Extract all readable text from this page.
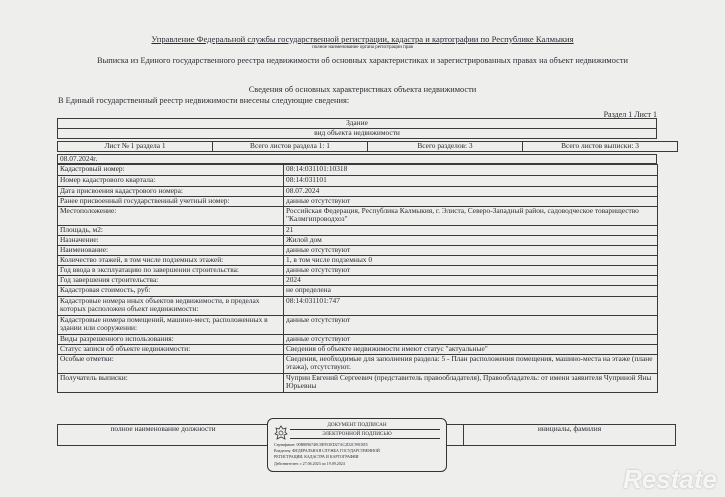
Управление Федеральной службы государственной регистрации, кадастра и картографии по Республике Калмыкия
полное наименование органа регистрации прав
Выписка из Единого государственного реестра недвижимости об основных характеристиках и зарегистрированных правах на объект недвижимости
Сведения об основных характеристиках объекта недвижимости
В Единый государственный реестр недвижимости внесены следующие сведения:
Раздел 1 Лист 1
Здание
вид объекта недвижимости
Лист № 1 раздела 1	Всего листов раздела 1: 1	Всего разделов: 3	Всего листов выписки: 3
08.07.2024г.
Кадастровый номер:	08:14:031101:10318
Номер кадастрового квартала:	08:14:031101
Дата присвоения кадастрового номера:	08.07.2024
Ранее присвоенный государственный учетный номер:	данные отсутствуют
Местоположение:	Российская Федерация, Республика Калмыкия, г. Элиста, Северо-Западный район, садоводческое товарищество "Калмгипроводхоз"
Площадь, м2:	21
Назначение:	Жилой дом
Наименование:	данные отсутствуют
Количество этажей, в том числе подземных этажей:	1, в том числе подземных 0
Год ввода в эксплуатацию по завершении строительства:	данные отсутствуют
Год завершения строительства:	2024
Кадастровая стоимость, руб:	не определена
Кадастровые номера иных объектов недвижимости, в пределах которых расположен объект недвижимости:	08:14:031101:747
Кадастровые номера помещений, машино-мест, расположенных в здании или сооружении:	данные отсутствуют
Виды разрешенного использования:	данные отсутствуют
Статус записи об объекте недвижимости:	Сведения об объекте недвижимости имеют статус "актуальные"
Особые отметки:	Сведения, необходимые для заполнения раздела: 5 - План расположения помещения, машино-места на этаже (плане этажа), отсутствуют.
Получатель выписки:	Чуприн Евгений Сергеевич (представитель правообладателя), Правообладатель: от имени заявителя Чуприной Яны Юрьевны
полное наименование должности		инициалы, фамилия
ДОКУМЕНТ ПОДПИСАН
ЭЛЕКТРОННОЙ ПОДПИСЬЮ
Сертификат: 00B8096740C0E953ED27AC2D2C99C8E5
Владелец: ФЕДЕРАЛЬНАЯ СЛУЖБА ГОСУДАРСТВЕННОЙ
РЕГИСТРАЦИИ, КАДАСТРА И КАРТОГРАФИИ
Действителен: с 27.06.2023 по 19.09.2024
Restate
